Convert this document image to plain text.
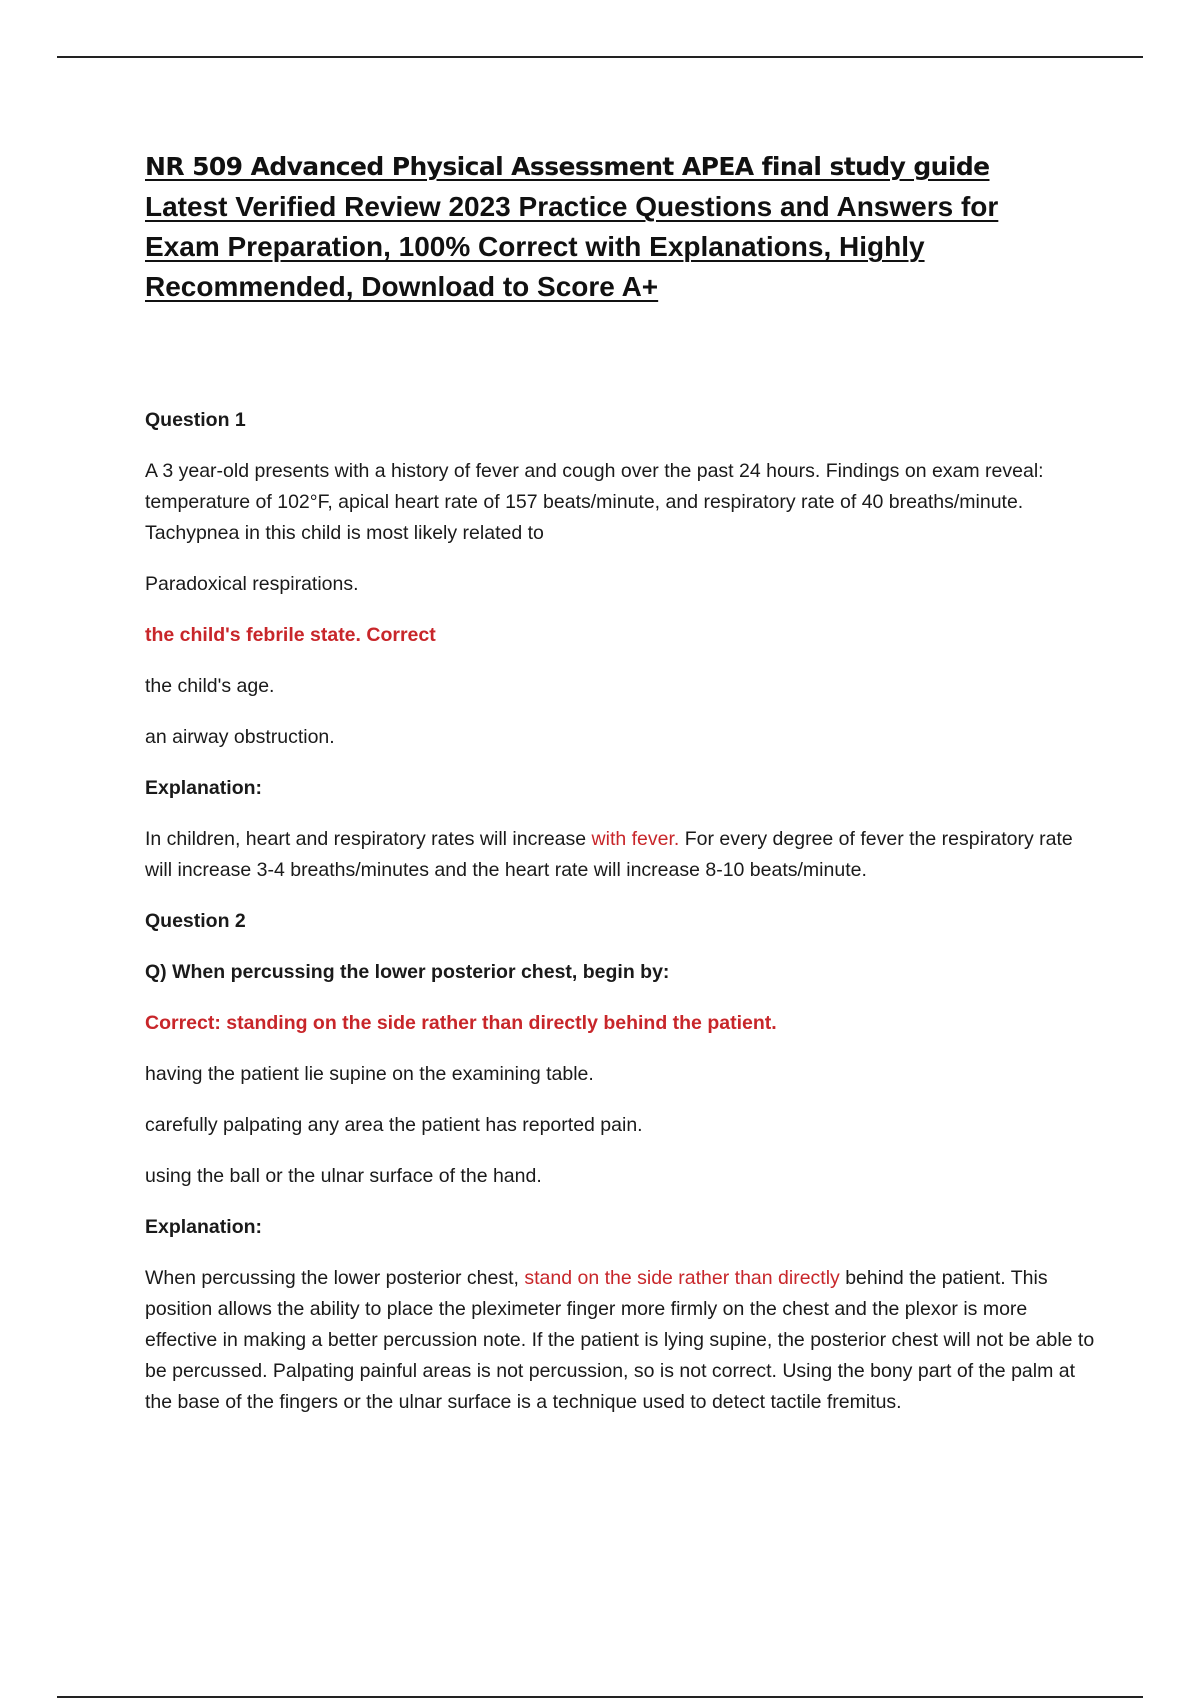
NR 509 Advanced Physical Assessment APEA final study guide Latest Verified Review 2023 Practice Questions and Answers for Exam Preparation, 100% Correct with Explanations, Highly Recommended, Download to Score A+

Question 1

A 3 year-old presents with a history of fever and cough over the past 24 hours. Findings on exam reveal: temperature of 102°F, apical heart rate of 157 beats/minute, and respiratory rate of 40 breaths/minute. Tachypnea in this child is most likely related to

Paradoxical respirations.

the child's febrile state. Correct

the child's age.

an airway obstruction.

Explanation:

In children, heart and respiratory rates will increase with fever. For every degree of fever the respiratory rate will increase 3-4 breaths/minutes and the heart rate will increase 8-10 beats/minute.

Question 2

Q) When percussing the lower posterior chest, begin by:

Correct: standing on the side rather than directly behind the patient.

having the patient lie supine on the examining table.

carefully palpating any area the patient has reported pain.

using the ball or the ulnar surface of the hand.

Explanation:

When percussing the lower posterior chest, stand on the side rather than directly behind the patient. This position allows the ability to place the pleximeter finger more firmly on the chest and the plexor is more effective in making a better percussion note. If the patient is lying supine, the posterior chest will not be able to be percussed. Palpating painful areas is not percussion, so is not correct. Using the bony part of the palm at the base of the fingers or the ulnar surface is a technique used to detect tactile fremitus.
